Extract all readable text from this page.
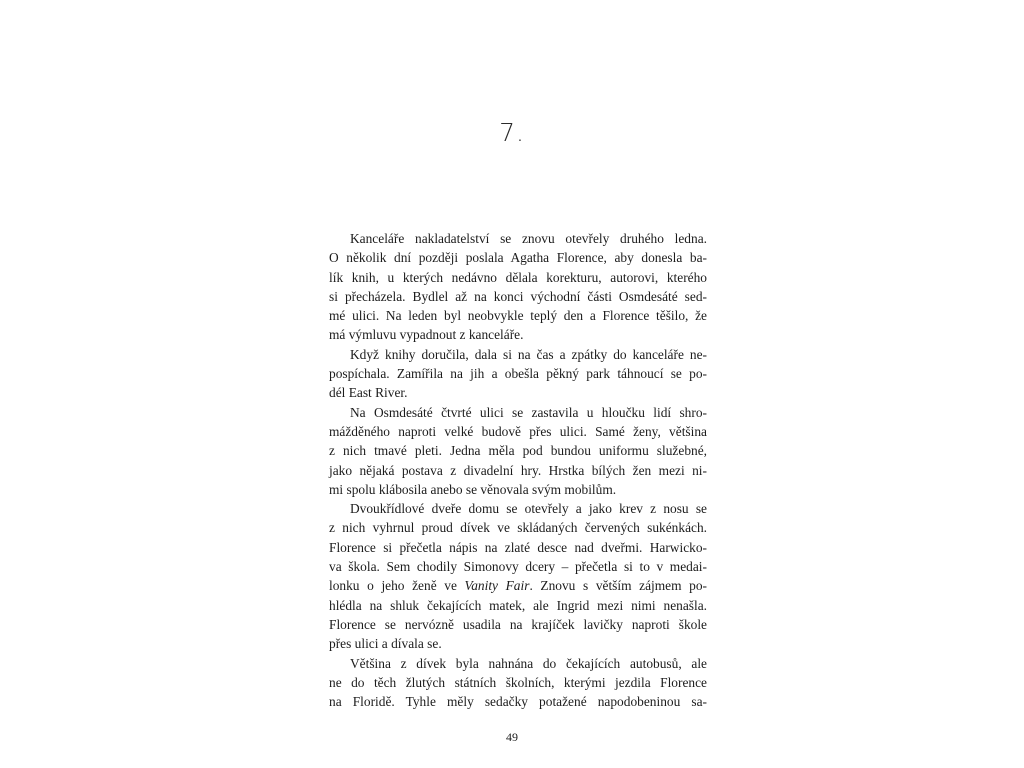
7.
Kanceláře nakladatelství se znovu otevřely druhého ledna.
O několik dní později poslala Agatha Florence, aby donesla ba-
lík knih, u kterých nedávno dělala korekturu, autorovi, kterého
si přecházela. Bydlel až na konci východní části Osmdesáté sed-
mé ulici. Na leden byl neobvykle teplý den a Florence těšilo, že
má výmluvu vypadnout z kanceláře.
Když knihy doručila, dala si na čas a zpátky do kanceláře ne-
pospíchala. Zamířila na jih a obešla pěkný park táhnoucí se po-
dél East River.
Na Osmdesáté čtvrté ulici se zastavila u hloučku lidí shro-
mážděného naproti velké budově přes ulici. Samé ženy, většina
z nich tmavé pleti. Jedna měla pod bundou uniformu služebné,
jako nějaká postava z divadelní hry. Hrstka bílých žen mezi ni-
mi spolu klábosila anebo se věnovala svým mobilům.
Dvoukřídlové dveře domu se otevřely a jako krev z nosu se
z nich vyhrnul proud dívek ve skládaných červených sukénkách.
Florence si přečetla nápis na zlaté desce nad dveřmi. Harwicko-
va škola. Sem chodily Simonovy dcery – přečetla si to v medai-
lonku o jeho ženě ve Vanity Fair. Znovu s větším zájmem po-
hlédla na shluk čekajících matek, ale Ingrid mezi nimi nenašla.
Florence se nervózně usadila na krajíček lavičky naproti škole
přes ulici a dívala se.
Většina z dívek byla nahnána do čekajících autobusů, ale
ne do těch žlutých státních školních, kterými jezdila Florence
na Floridě. Tyhle měly sedačky potažené napodobeninou sa-
49
